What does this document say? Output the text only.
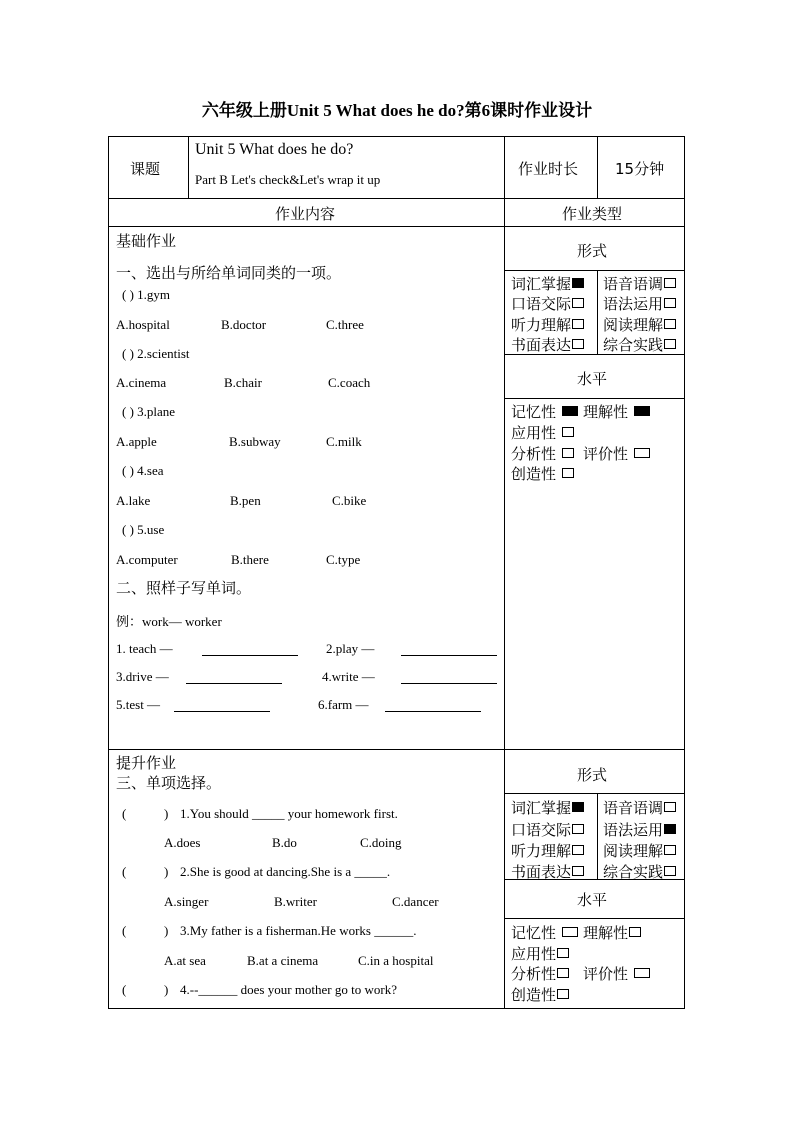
六年级上册Unit 5 What does he do?第6课时作业设计
课题
Unit 5 What does he do?
Part B Let's check&Let's wrap it up
作业时长 15分钟
作业内容	作业类型
基础作业
一、选出与所给单词同类的一项。
( ) 1.gym
A.hospital	B.doctor	C.three
( ) 2.scientist
A.cinema	B.chair	C.coach
( ) 3.plane
A.apple	B.subway	C.milk
( ) 4.sea
A.lake	B.pen	C.bike
( ) 5.use
A.computer	B.there	C.type
二、照样子写单词。
例：work— worker
1. teach —	2.play —
3.drive —	4.write —
5.test —	6.farm —
形式
词汇掌握	语音语调
口语交际	语法运用
听力理解	阅读理解
书面表达	综合实践
水平
记忆性	理解性
应用性
分析性	评价性
创造性
提升作业
三、单项选择。
(	) 1.You should _____ your homework first.
A.does	B.do	C.doing
(	) 2.She is good at dancing.She is a _____.
A.singer	B.writer	C.dancer
(	) 3.My father is a fisherman.He works ______.
A.at sea	B.at a cinema	C.in a hospital
(	) 4.--______ does your mother go to work?
形式
词汇掌握	语音语调
口语交际	语法运用
听力理解	阅读理解
书面表达	综合实践
水平
记忆性	理解性
应用性
分析性	评价性
创造性
